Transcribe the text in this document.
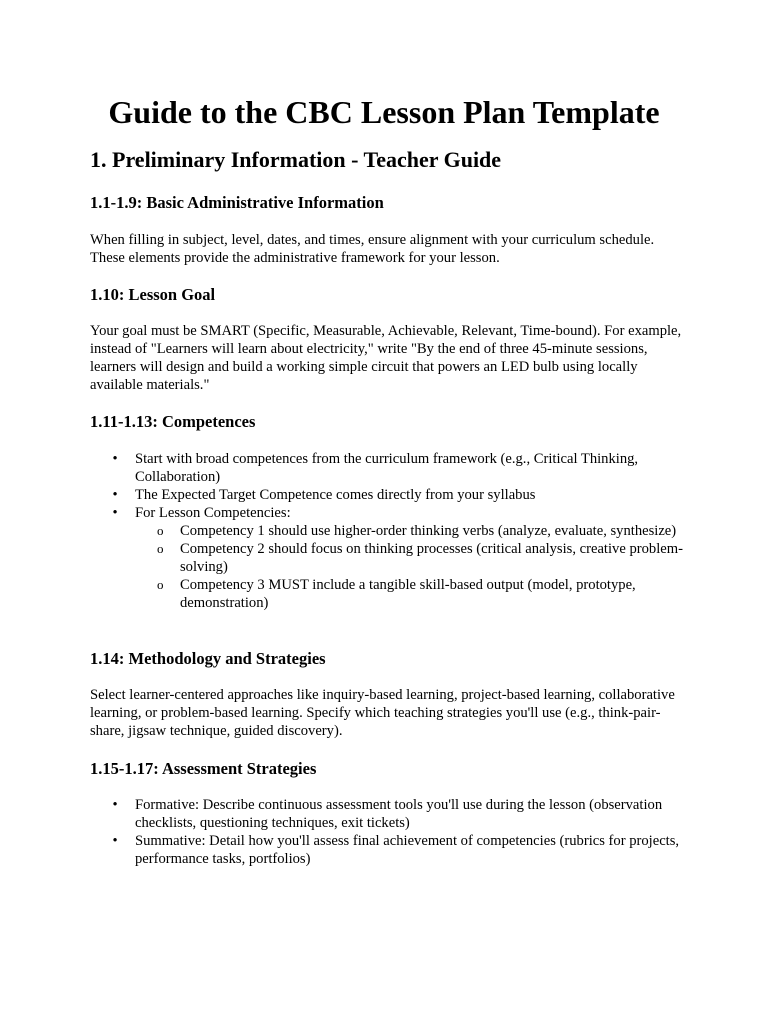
Guide to the CBC Lesson Plan Template
1. Preliminary Information - Teacher Guide
1.1-1.9: Basic Administrative Information

When filling in subject, level, dates, and times, ensure alignment with your curriculum schedule. These elements provide the administrative framework for your lesson.

1.10: Lesson Goal

Your goal must be SMART (Specific, Measurable, Achievable, Relevant, Time-bound). For example, instead of "Learners will learn about electricity," write "By the end of three 45-minute sessions, learners will design and build a working simple circuit that powers an LED bulb using locally available materials."

1.11-1.13: Competences
• Start with broad competences from the curriculum framework (e.g., Critical Thinking, Collaboration)
• The Expected Target Competence comes directly from your syllabus
• For Lesson Competencies:
o Competency 1 should use higher-order thinking verbs (analyze, evaluate, synthesize)
o Competency 2 should focus on thinking processes (critical analysis, creative problem-solving)
o Competency 3 MUST include a tangible skill-based output (model, prototype, demonstration)
1.14: Methodology and Strategies

Select learner-centered approaches like inquiry-based learning, project-based learning, collaborative learning, or problem-based learning. Specify which teaching strategies you'll use (e.g., think-pair-share, jigsaw technique, guided discovery).

1.15-1.17: Assessment Strategies
• Formative: Describe continuous assessment tools you'll use during the lesson (observation checklists, questioning techniques, exit tickets)
• Summative: Detail how you'll assess final achievement of competencies (rubrics for projects, performance tasks, portfolios)
